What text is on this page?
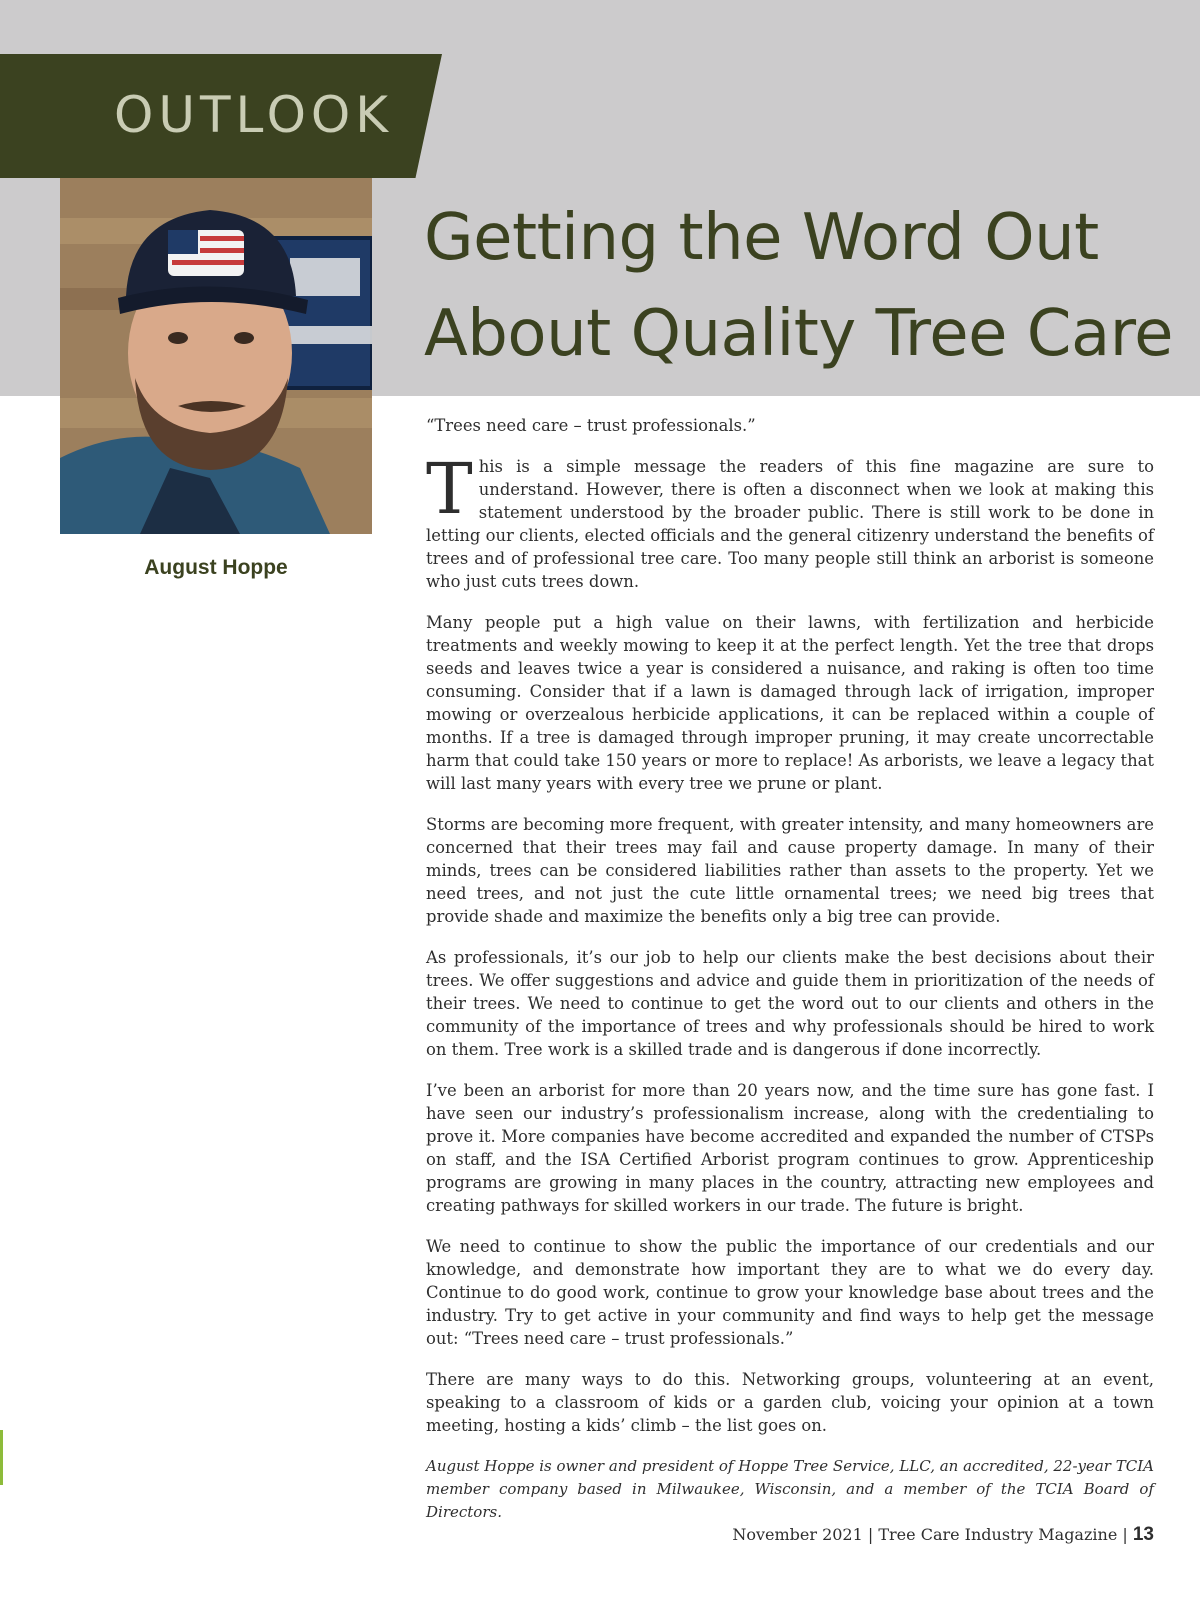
OUTLOOK
August Hoppe
Getting the Word Out
About Quality Tree Care

“Trees need care – trust professionals.”

This is a simple message the readers of this fine magazine are sure to understand. However, there is often a disconnect when we look at making this statement understood by the broader public. There is still work to be done in letting our clients, elected officials and the general citizenry understand the benefits of trees and of professional tree care. Too many people still think an arborist is someone who just cuts trees down.

Many people put a high value on their lawns, with fertilization and herbicide treatments and weekly mowing to keep it at the perfect length. Yet the tree that drops seeds and leaves twice a year is considered a nuisance, and raking is often too time consuming. Consider that if a lawn is damaged through lack of irrigation, improper mowing or overzealous herbicide applications, it can be replaced within a couple of months. If a tree is damaged through improper pruning, it may create uncorrectable harm that could take 150 years or more to replace! As arborists, we leave a legacy that will last many years with every tree we prune or plant.

Storms are becoming more frequent, with greater intensity, and many homeowners are concerned that their trees may fail and cause property damage. In many of their minds, trees can be considered liabilities rather than assets to the property. Yet we need trees, and not just the cute little ornamental trees; we need big trees that provide shade and maximize the benefits only a big tree can provide.

As professionals, it’s our job to help our clients make the best decisions about their trees. We offer suggestions and advice and guide them in prioritization of the needs of their trees. We need to continue to get the word out to our clients and others in the community of the importance of trees and why professionals should be hired to work on them. Tree work is a skilled trade and is dangerous if done incorrectly.

I’ve been an arborist for more than 20 years now, and the time sure has gone fast. I have seen our industry’s professionalism increase, along with the credentialing to prove it. More companies have become accredited and expanded the number of CTSPs on staff, and the ISA Certified Arborist program continues to grow. Apprenticeship programs are growing in many places in the country, attracting new employees and creating pathways for skilled workers in our trade. The future is bright.

We need to continue to show the public the importance of our credentials and our knowledge, and demonstrate how important they are to what we do every day. Continue to do good work, continue to grow your knowledge base about trees and the industry. Try to get active in your community and find ways to help get the message out: “Trees need care – trust professionals.”

There are many ways to do this. Networking groups, volunteering at an event, speaking to a classroom of kids or a garden club, voicing your opinion at a town meeting, hosting a kids’ climb – the list goes on.

August Hoppe is owner and president of Hoppe Tree Service, LLC, an accredited, 22-year TCIA member company based in Milwaukee, Wisconsin, and a member of the TCIA Board of Directors.

November 2021 | Tree Care Industry Magazine | 13
